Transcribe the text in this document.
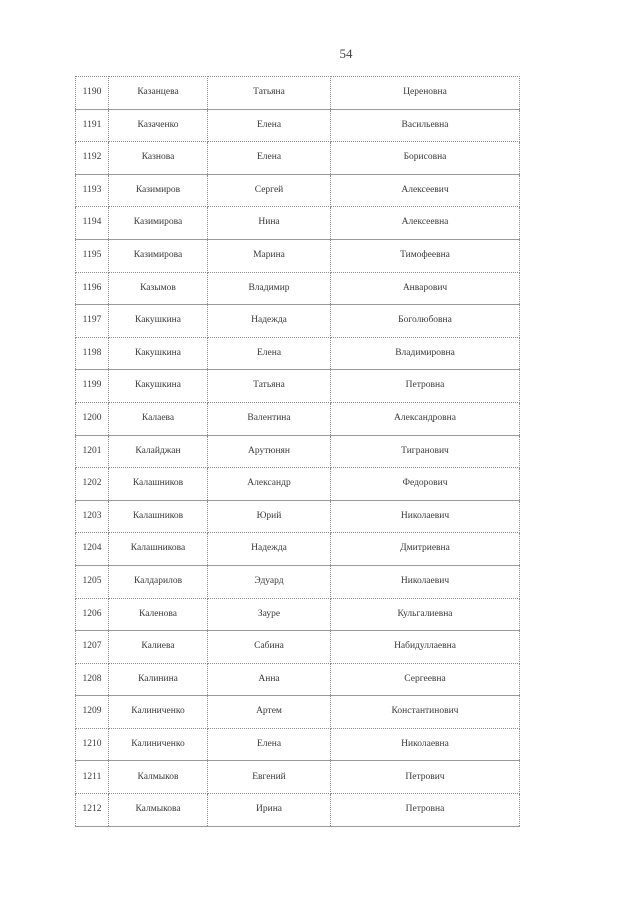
54
1190	Казанцева	Татьяна	Цереновна
1191	Казаченко	Елена	Васильевна
1192	Казнова	Елена	Борисовна
1193	Казимиров	Сергей	Алексеевич
1194	Казимирова	Нина	Алексеевна
1195	Казимирова	Марина	Тимофеевна
1196	Казымов	Владимир	Анварович
1197	Какушкина	Надежда	Боголюбовна
1198	Какушкина	Елена	Владимировна
1199	Какушкина	Татьяна	Петровна
1200	Калаева	Валентина	Александровна
1201	Калайджан	Арутюнян	Тигранович
1202	Калашников	Александр	Федорович
1203	Калашников	Юрий	Николаевич
1204	Калашникова	Надежда	Дмитриевна
1205	Калдарилов	Эдуард	Николаевич
1206	Каленова	Заурe	Кульгалиевна
1207	Калиева	Сабина	Набидуллаевна
1208	Калинина	Анна	Сергеевна
1209	Калиниченко	Артем	Константинович
1210	Калиниченко	Елена	Николаевна
1211	Калмыков	Евгений	Петрович
1212	Калмыкова	Ирина	Петровна
